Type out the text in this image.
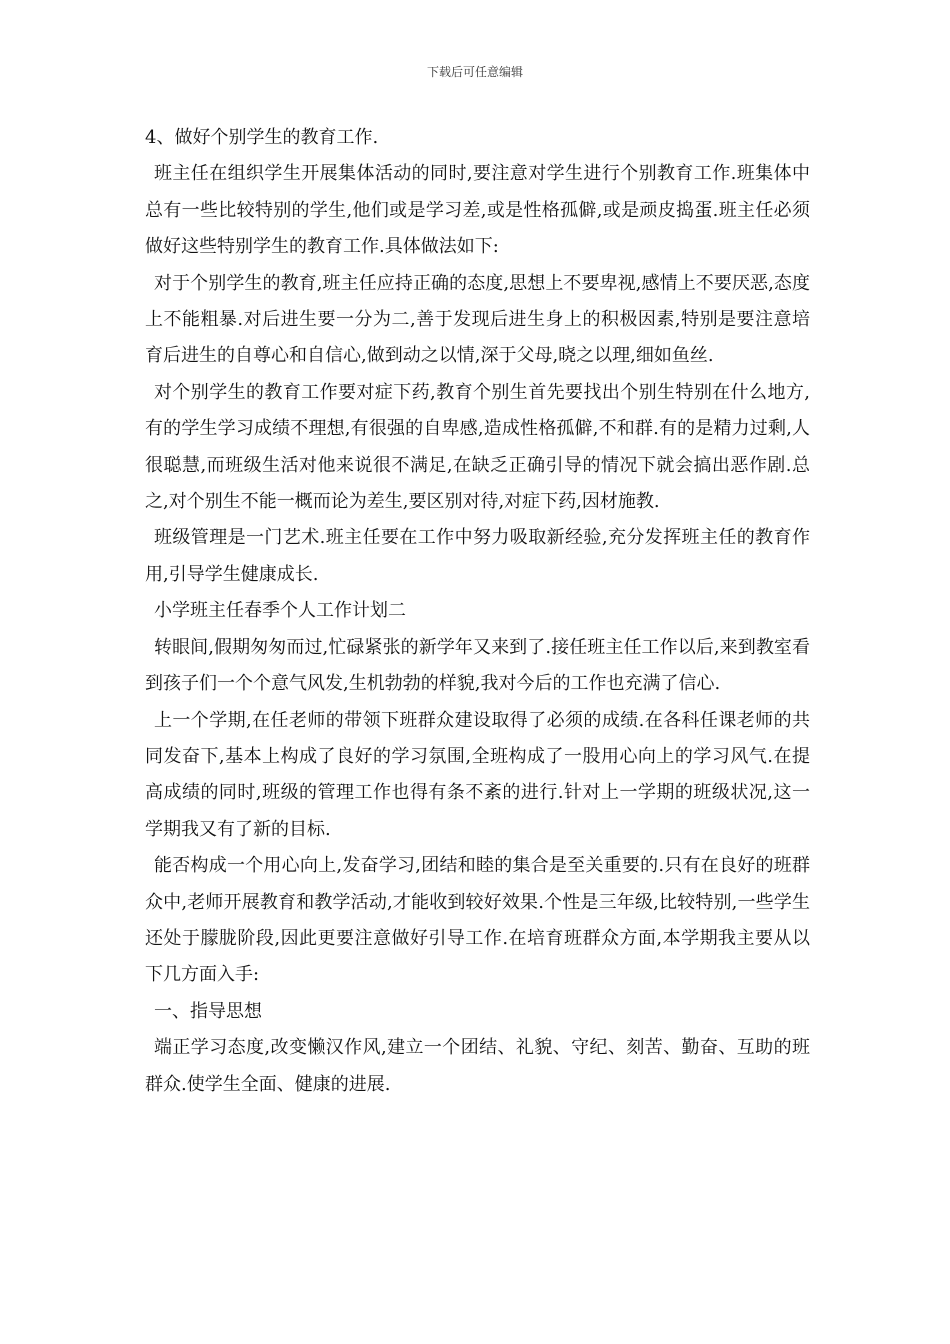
下载后可任意编辑

4、做好个别学生的教育工作.

班主任在组织学生开展集体活动的同时,要注意对学生进行个别教育工作.班集体中总有一些比较特别的学生,他们或是学习差,或是性格孤僻,或是顽皮捣蛋.班主任必须做好这些特别学生的教育工作.具体做法如下:

对于个别学生的教育,班主任应持正确的态度,思想上不要卑视,感情上不要厌恶,态度上不能粗暴.对后进生要一分为二,善于发现后进生身上的积极因素,特别是要注意培育后进生的自尊心和自信心,做到动之以情,深于父母,晓之以理,细如鱼丝.

对个别学生的教育工作要对症下药,教育个别生首先要找出个别生特别在什么地方,有的学生学习成绩不理想,有很强的自卑感,造成性格孤僻,不和群.有的是精力过剩,人很聪慧,而班级生活对他来说很不满足,在缺乏正确引导的情况下就会搞出恶作剧.总之,对个别生不能一概而论为差生,要区别对待,对症下药,因材施教.

班级管理是一门艺术.班主任要在工作中努力吸取新经验,充分发挥班主任的教育作用,引导学生健康成长.

小学班主任春季个人工作计划二

转眼间,假期匆匆而过,忙碌紧张的新学年又来到了.接任班主任工作以后,来到教室看到孩子们一个个意气风发,生机勃勃的样貌,我对今后的工作也充满了信心.

上一个学期,在任老师的带领下班群众建设取得了必须的成绩.在各科任课老师的共同发奋下,基本上构成了良好的学习氛围,全班构成了一股用心向上的学习风气.在提高成绩的同时,班级的管理工作也得有条不紊的进行.针对上一学期的班级状况,这一学期我又有了新的目标.

能否构成一个用心向上,发奋学习,团结和睦的集合是至关重要的.只有在良好的班群众中,老师开展教育和教学活动,才能收到较好效果.个性是三年级,比较特别,一些学生还处于朦胧阶段,因此更要注意做好引导工作.在培育班群众方面,本学期我主要从以下几方面入手:

一、指导思想

端正学习态度,改变懒汉作风,建立一个团结、礼貌、守纪、刻苦、勤奋、互助的班群众.使学生全面、健康的进展.
